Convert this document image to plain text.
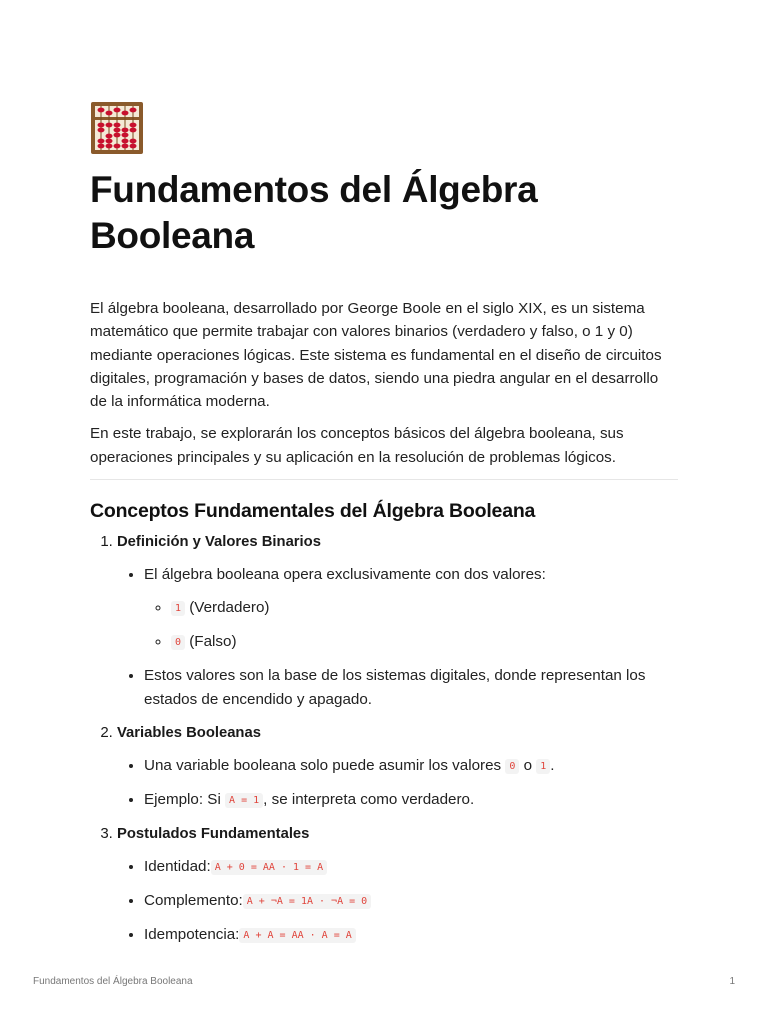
Fundamentos del Álgebra Booleana

El álgebra booleana, desarrollado por George Boole en el siglo XIX, es un sistema matemático que permite trabajar con valores binarios (verdadero y falso, o 1 y 0) mediante operaciones lógicas. Este sistema es fundamental en el diseño de circuitos digitales, programación y bases de datos, siendo una piedra angular en el desarrollo de la informática moderna.

En este trabajo, se explorarán los conceptos básicos del álgebra booleana, sus operaciones principales y su aplicación en la resolución de problemas lógicos.

Conceptos Fundamentales del Álgebra Booleana
1. Definición y Valores Binarios
• El álgebra booleana opera exclusivamente con dos valores:
◦ 1 (Verdadero)
◦ 0 (Falso)
• Estos valores son la base de los sistemas digitales, donde representan los estados de encendido y apagado.
2. Variables Booleanas
• Una variable booleana solo puede asumir los valores 0 o 1 .
• Ejemplo: Si A = 1 , se interpreta como verdadero.
3. Postulados Fundamentales
• Identidad: A + 0 = AA · 1 = A
• Complemento: A + ¬A = 1A · ¬A = 0
• Idempotencia: A + A = AA · A = A
Fundamentos del Álgebra Booleana	1
